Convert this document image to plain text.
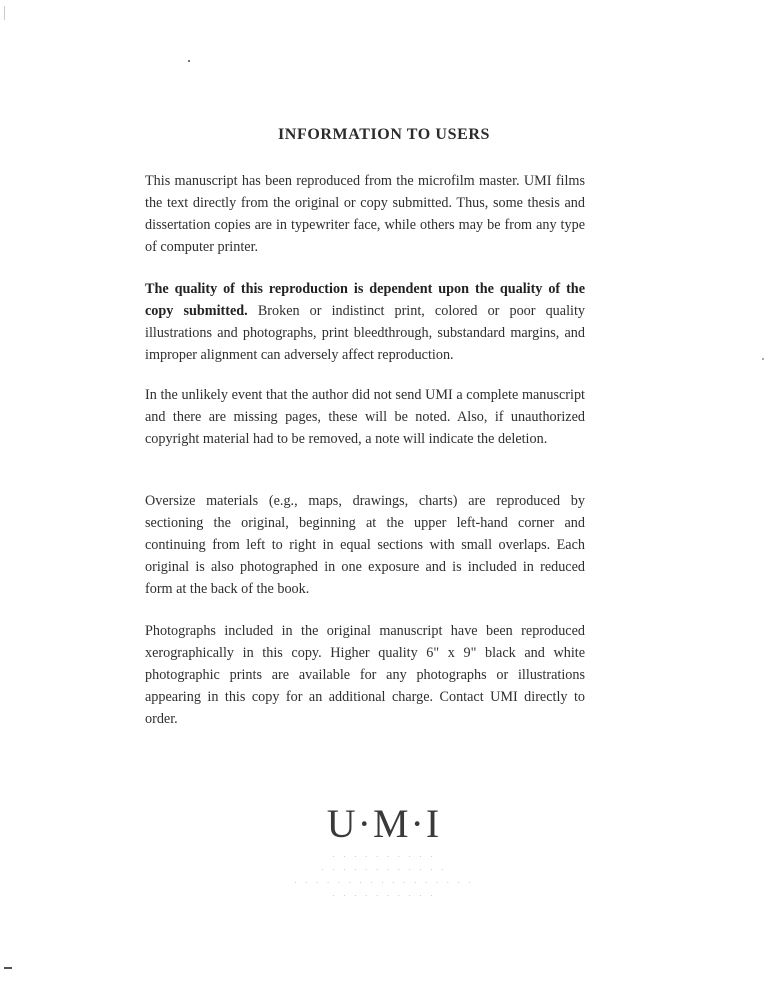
INFORMATION TO USERS
This manuscript has been reproduced from the microfilm master. UMI films the text directly from the original or copy submitted. Thus, some thesis and dissertation copies are in typewriter face, while others may be from any type of computer printer.
The quality of this reproduction is dependent upon the quality of the copy submitted. Broken or indistinct print, colored or poor quality illustrations and photographs, print bleedthrough, substandard margins, and improper alignment can adversely affect reproduction.
In the unlikely event that the author did not send UMI a complete manuscript and there are missing pages, these will be noted. Also, if unauthorized copyright material had to be removed, a note will indicate the deletion.
Oversize materials (e.g., maps, drawings, charts) are reproduced by sectioning the original, beginning at the upper left-hand corner and continuing from left to right in equal sections with small overlaps. Each original is also photographed in one exposure and is included in reduced form at the back of the book.
Photographs included in the original manuscript have been reproduced xerographically in this copy. Higher quality 6" x 9" black and white photographic prints are available for any photographs or illustrations appearing in this copy for an additional charge. Contact UMI directly to order.
U·M·I
· · · · · · · · · ·
· · · · · · · · · · · ·
· · · · · · · · · · · · · · · · ·
· · · · · · · · · ·
